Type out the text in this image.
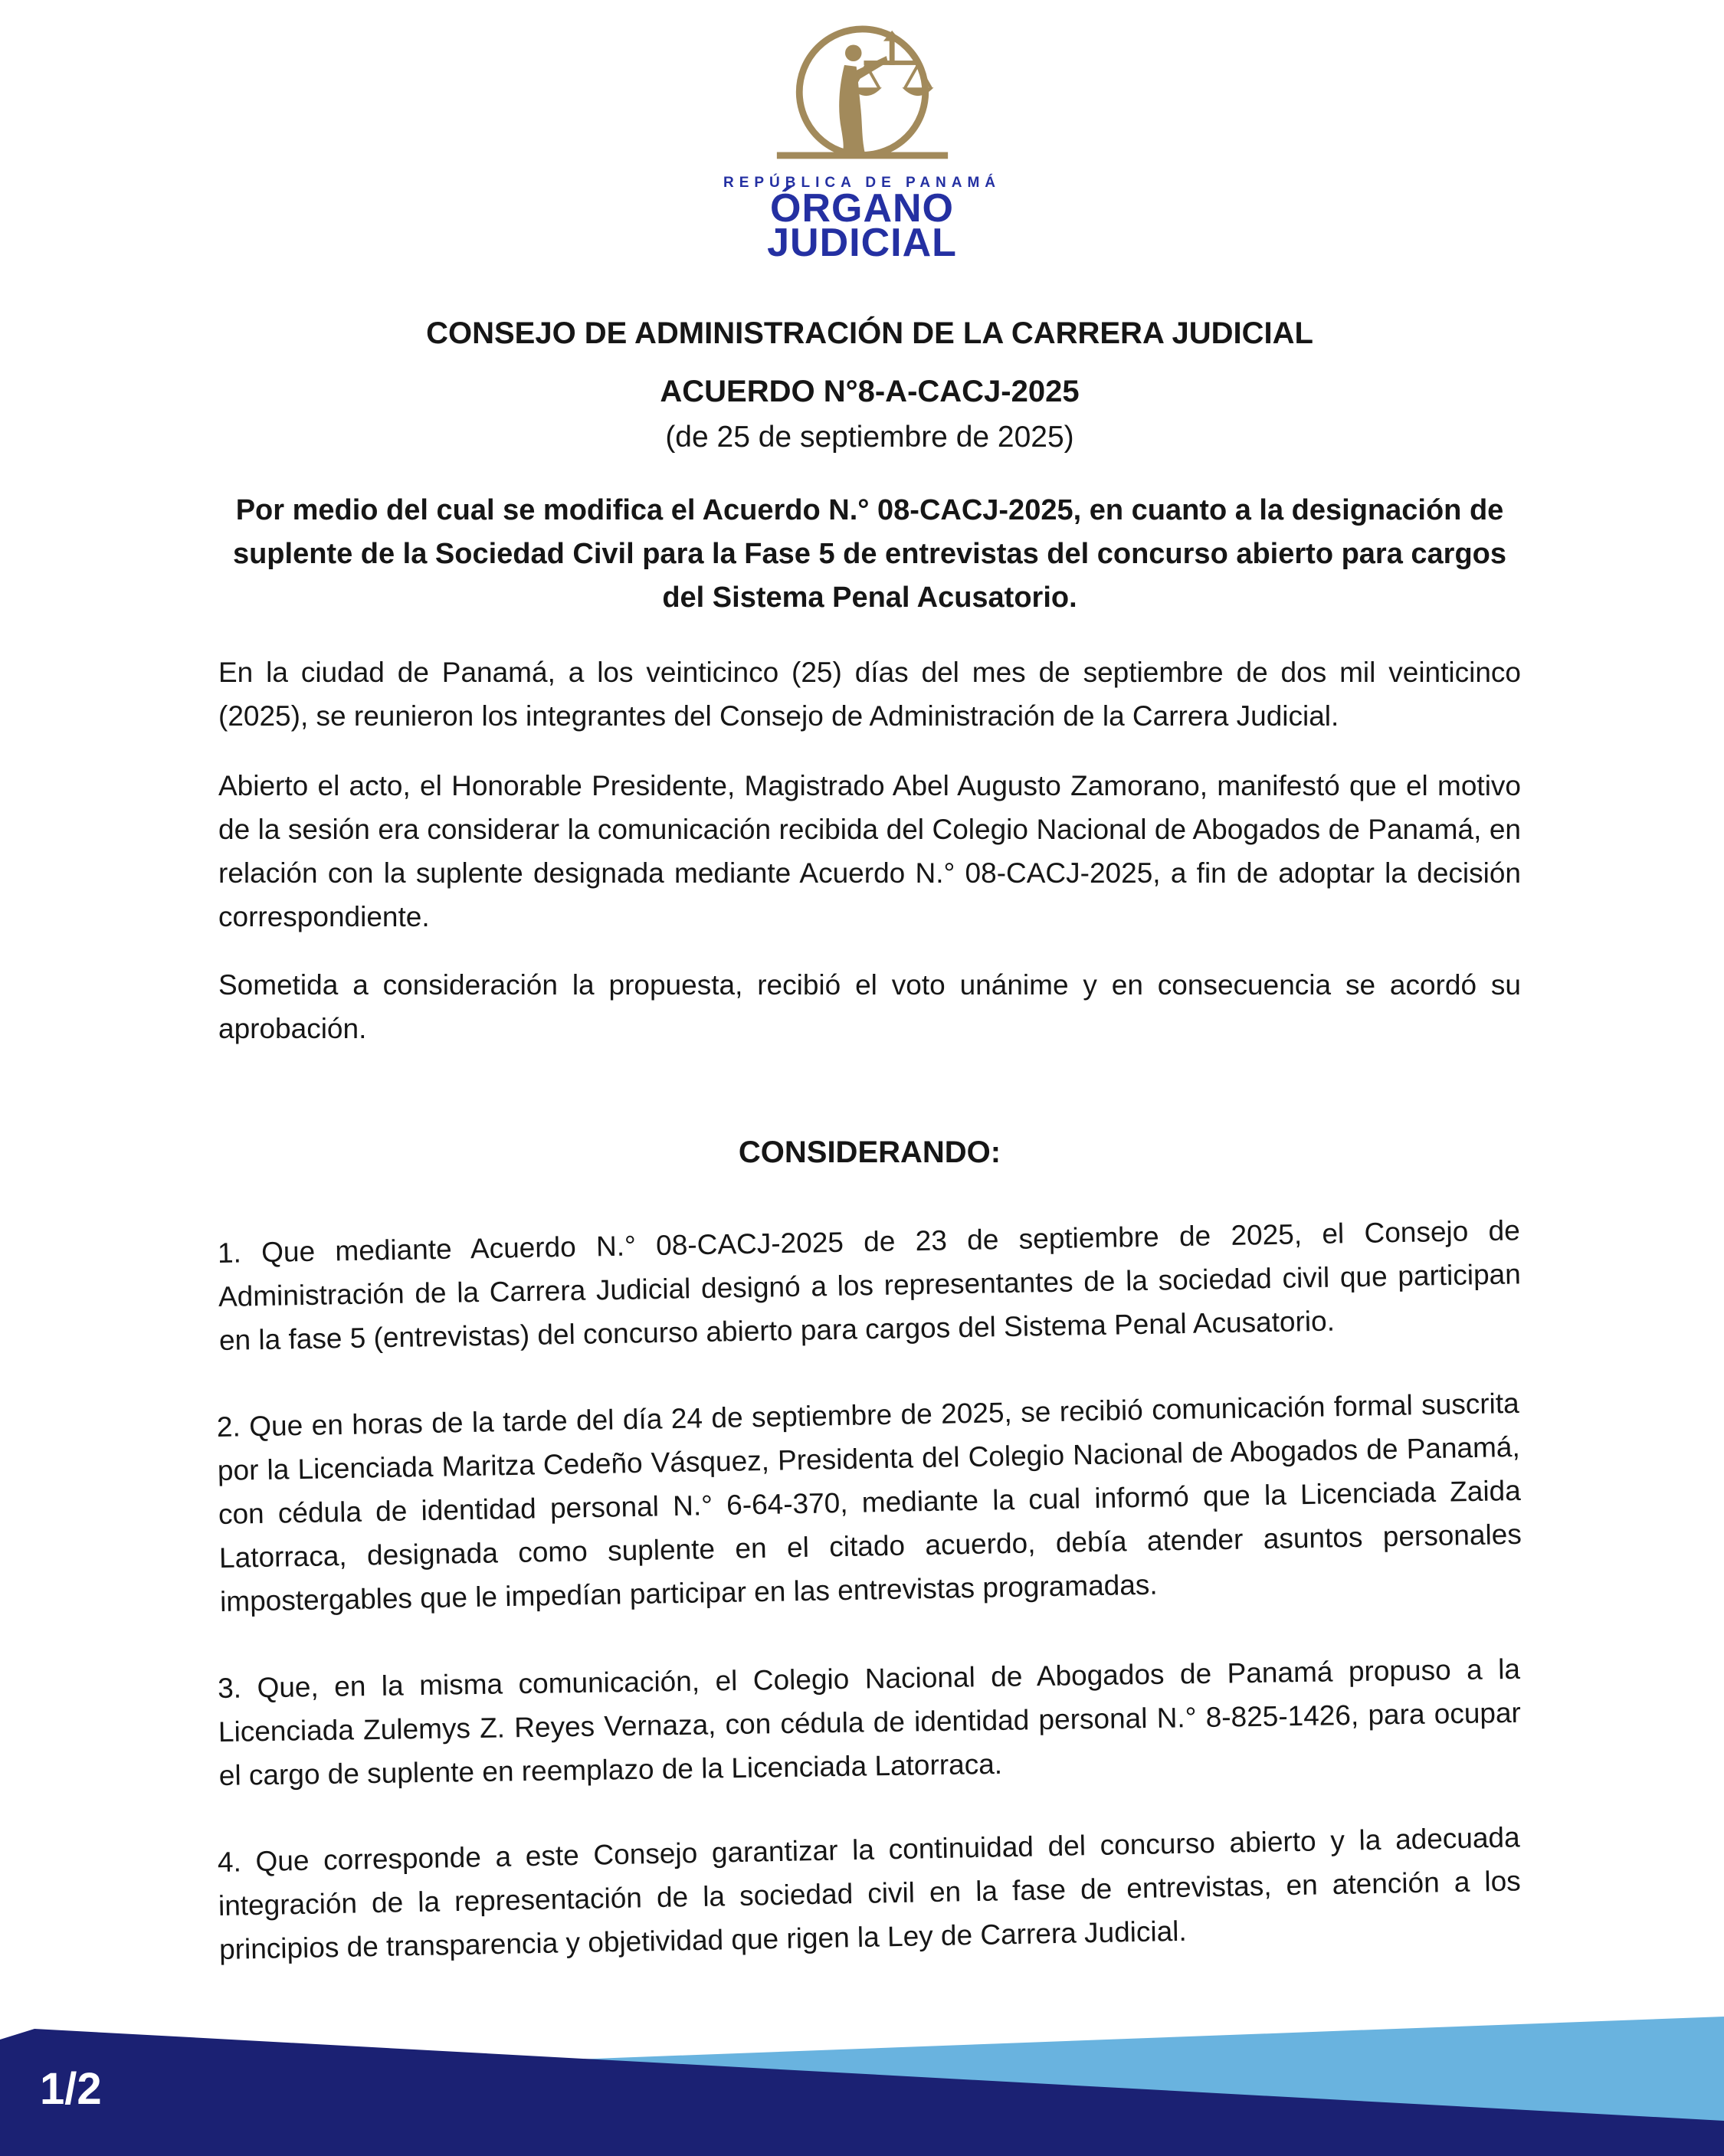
REPÚBLICA DE PANAMÁ
ÓRGANO
JUDICIAL
CONSEJO DE ADMINISTRACIÓN DE LA CARRERA JUDICIAL
ACUERDO N°8-A-CACJ-2025

(de 25 de septiembre de 2025)

Por medio del cual se modifica el Acuerdo N.° 08-CACJ-2025, en cuanto a la designación de suplente de la Sociedad Civil para la Fase 5 de entrevistas del concurso abierto para cargos del Sistema Penal Acusatorio.

En la ciudad de Panamá, a los veinticinco (25) días del mes de septiembre de dos mil veinticinco (2025), se reunieron los integrantes del Consejo de Administración de la Carrera Judicial.

Abierto el acto, el Honorable Presidente, Magistrado Abel Augusto Zamorano, manifestó que el motivo de la sesión era considerar la comunicación recibida del Colegio Nacional de Abogados de Panamá, en relación con la suplente designada mediante Acuerdo N.° 08-CACJ-2025, a fin de adoptar la decisión correspondiente.

Sometida a consideración la propuesta, recibió el voto unánime y en consecuencia se acordó su aprobación.

CONSIDERANDO:

1. Que mediante Acuerdo N.° 08-CACJ-2025 de 23 de septiembre de 2025, el Consejo de Administración de la Carrera Judicial designó a los representantes de la sociedad civil que participan en la fase 5 (entrevistas) del concurso abierto para cargos del Sistema Penal Acusatorio.

2. Que en horas de la tarde del día 24 de septiembre de 2025, se recibió comunicación formal suscrita por la Licenciada Maritza Cedeño Vásquez, Presidenta del Colegio Nacional de Abogados de Panamá, con cédula de identidad personal N.° 6-64-370, mediante la cual informó que la Licenciada Zaida Latorraca, designada como suplente en el citado acuerdo, debía atender asuntos personales impostergables que le impedían participar en las entrevistas programadas.

3. Que, en la misma comunicación, el Colegio Nacional de Abogados de Panamá propuso a la Licenciada Zulemys Z. Reyes Vernaza, con cédula de identidad personal N.° 8-825-1426, para ocupar el cargo de suplente en reemplazo de la Licenciada Latorraca.

4. Que corresponde a este Consejo garantizar la continuidad del concurso abierto y la adecuada integración de la representación de la sociedad civil en la fase de entrevistas, en atención a los principios de transparencia y objetividad que rigen la Ley de Carrera Judicial.

1/2
